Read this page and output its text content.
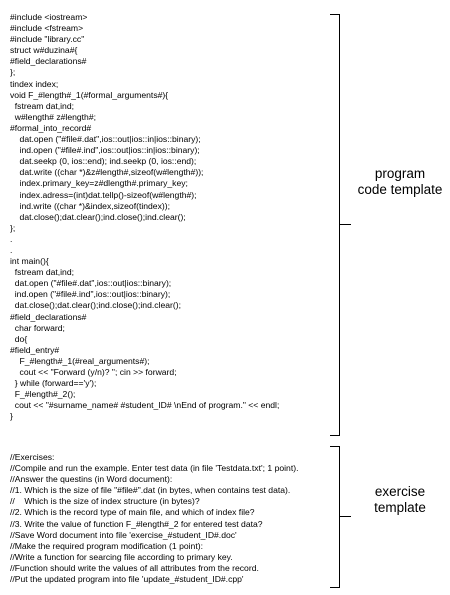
#include <iostream>
#include <fstream>
#include "library.cc"
struct w#duzina#{
#field_declarations#
};
tindex index;
void F_#length#_1(#formal_arguments#){
fstream dat,ind;
w#length# z#length#;
#formal_into_record#
dat.open ("#file#.dat",ios::out|ios::in|ios::binary);
ind.open ("#file#.ind",ios::out|ios::in|ios::binary);
dat.seekp (0, ios::end); ind.seekp (0, ios::end);
dat.write ((char *)&z#length#,sizeof(w#length#));
index.primary_key=z#dlength#.primary_key;
index.adress=(int)dat.tellp()-sizeof(w#length#);
ind.write ((char *)&index,sizeof(tindex));
dat.close();dat.clear();ind.close();ind.clear();
};
.
.
int main(){
fstream dat,ind;
dat.open ("#file#.dat",ios::out|ios::binary);
ind.open ("#file#.ind",ios::out|ios::binary);
dat.close();dat.clear();ind.close();ind.clear();
#field_declarations#
char forward;
do{
#field_entry#
F_#length#_1(#real_arguments#);
cout << "Forward (y/n)? "; cin >> forward;
} while (forward=='y');
F_#length#_2();
cout << "#surname_name# #student_ID# \nEnd of program." << endl;
}
program
code template
//Exercises:
//Compile and run the example. Enter test data (in file 'Testdata.txt'; 1 point).
//Answer the questins (in Word document):
//1. Which is the size of file "#file#".dat (in bytes, when contains test data).
//    Which is the size of index structure (in bytes)?
//2. Which is the record type of main file, and which of index file?
//3. Write the value of function F_#length#_2 for entered test data?
//Save Word document into file 'exercise_#student_ID#.doc'
//Make the required program modification (1 point):
//Write a function for searcing file according to primary key.
//Function should write the values of all attributes from the record.
//Put the updated program into file 'update_#student_ID#.cpp'
exercise
template
